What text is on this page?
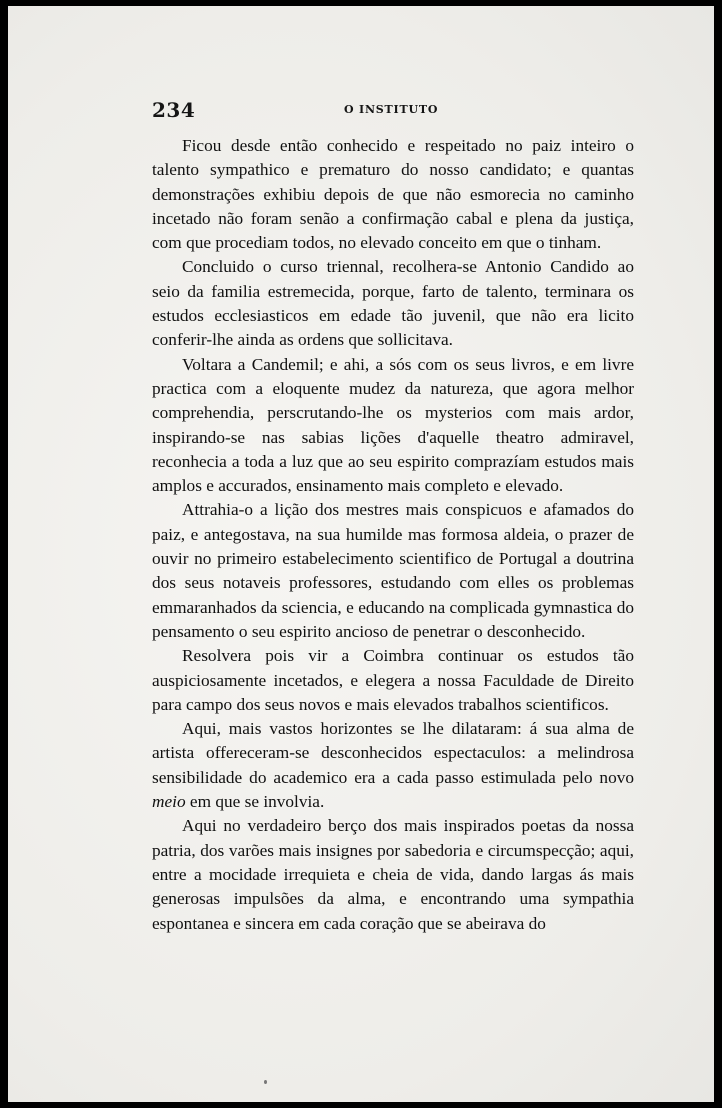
234	O INSTITUTO

Ficou desde então conhecido e respeitado no paiz inteiro o talento sympathico e prematuro do nosso candidato; e quantas demonstrações exhibiu depois de que não esmorecia no caminho incetado não foram senão a confirmação cabal e plena da justiça, com que procediam todos, no elevado conceito em que o tinham.

Concluido o curso triennal, recolhera-se Antonio Candido ao seio da familia estremecida, porque, farto de talento, terminara os estudos ecclesiasticos em edade tão juvenil, que não era licito conferir-lhe ainda as ordens que sollicitava.

Voltara a Candemil; e ahi, a sós com os seus livros, e em livre practica com a eloquente mudez da natureza, que agora melhor comprehendia, perscrutando-lhe os mysterios com mais ardor, inspirando-se nas sabias lições d'aquelle theatro admiravel, reconhecia a toda a luz que ao seu espirito comprazíam estudos mais amplos e accurados, ensinamento mais completo e elevado.

Attrahia-o a lição dos mestres mais conspicuos e afamados do paiz, e antegostava, na sua humilde mas formosa aldeia, o prazer de ouvir no primeiro estabelecimento scientifico de Portugal a doutrina dos seus notaveis professores, estudando com elles os problemas emmaranhados da sciencia, e educando na complicada gymnastica do pensamento o seu espirito ancioso de penetrar o desconhecido.

Resolvera pois vir a Coimbra continuar os estudos tão auspiciosamente incetados, e elegera a nossa Faculdade de Direito para campo dos seus novos e mais elevados trabalhos scientificos.

Aqui, mais vastos horizontes se lhe dilataram: á sua alma de artista offereceram-se desconhecidos espectaculos: a melindrosa sensibilidade do academico era a cada passo estimulada pelo novo meio em que se involvia.

Aqui no verdadeiro berço dos mais inspirados poetas da nossa patria, dos varões mais insignes por sabedoria e circumspecção; aqui, entre a mocidade irrequieta e cheia de vida, dando largas ás mais generosas impulsões da alma, e encontrando uma sympathia espontanea e sincera em cada coração que se abeirava do
